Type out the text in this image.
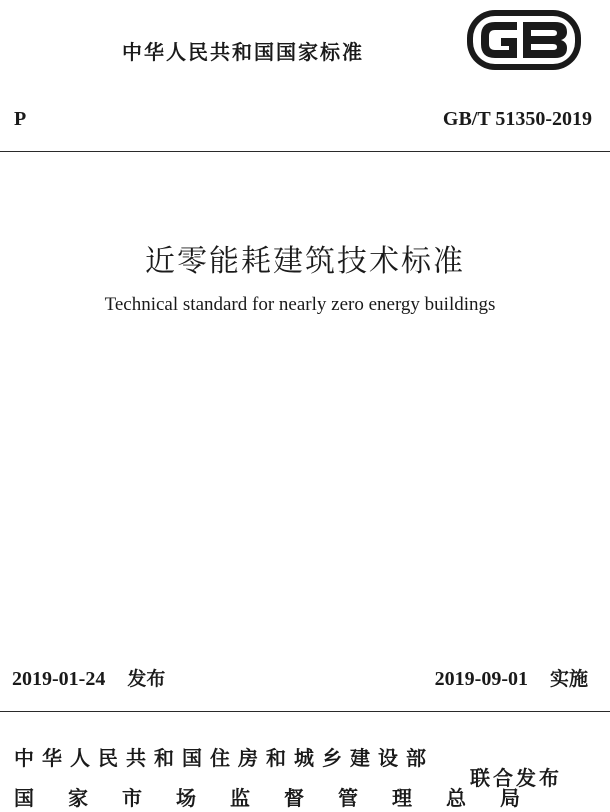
中华人民共和国国家标准
P	GB/T 51350-2019
近零能耗建筑技术标准
Technical standard for nearly zero energy buildings
2019-01-24 发布	2019-09-01 实施
中华人民共和国住房和城乡建设部
国家市场监督管理总局
联合发布
